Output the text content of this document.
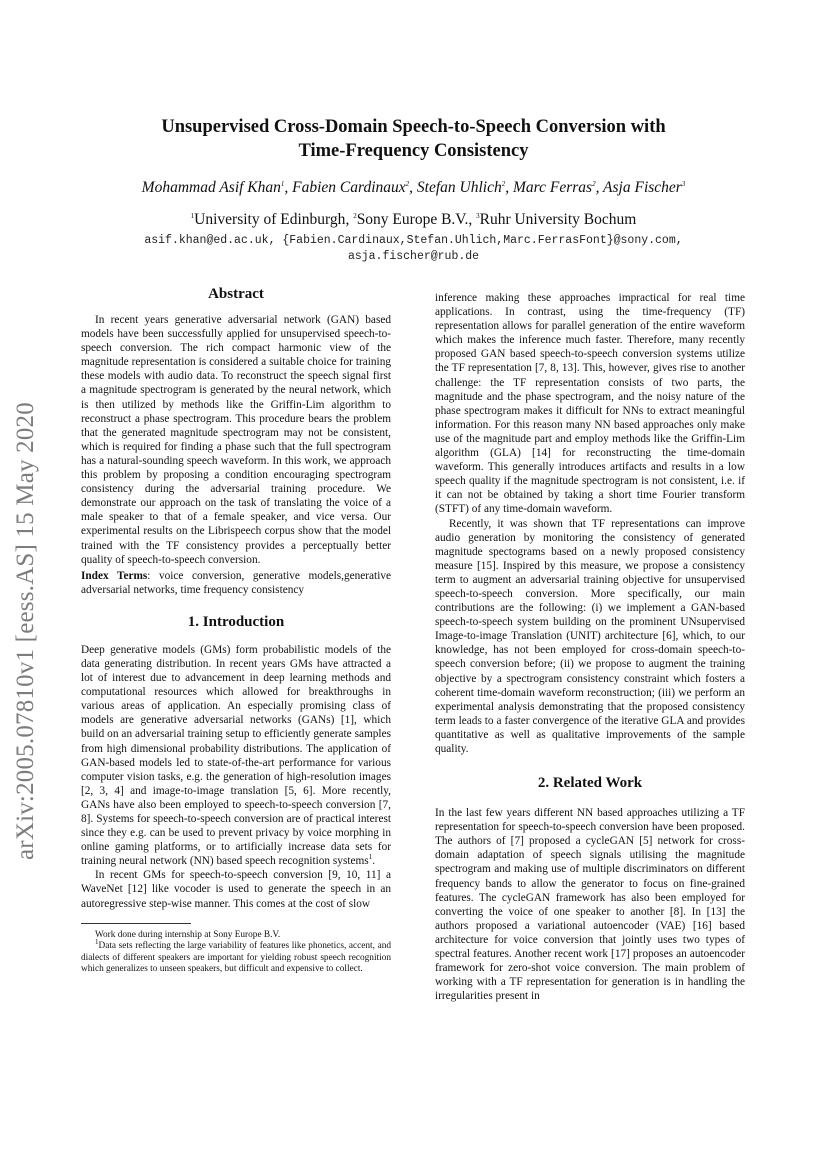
arXiv:2005.07810v1 [eess.AS] 15 May 2020
Unsupervised Cross-Domain Speech-to-Speech Conversion with
Time-Frequency Consistency
Mohammad Asif Khan$^1$, Fabien Cardinaux$^2$, Stefan Uhlich$^2$, Marc Ferras$^2$, Asja Fischer$^3$
$^1$University of Edinburgh, $^2$Sony Europe B.V., $^3$Ruhr University Bochum
asif.khan@ed.ac.uk, {Fabien.Cardinaux,Stefan.Uhlich,Marc.FerrasFont}@sony.com,
asja.fischer@rub.de
Abstract

In recent years generative adversarial network (GAN) based models have been successfully applied for unsupervised speech-to-speech conversion. The rich compact harmonic view of the magnitude representation is considered a suitable choice for training these models with audio data. To reconstruct the speech signal first a magnitude spectrogram is generated by the neural network, which is then utilized by methods like the Griffin-Lim algorithm to reconstruct a phase spectrogram. This procedure bears the problem that the generated magnitude spectrogram may not be consistent, which is required for finding a phase such that the full spectrogram has a natural-sounding speech waveform. In this work, we approach this problem by proposing a condition encouraging spectrogram consistency during the adversarial training procedure. We demonstrate our approach on the task of translating the voice of a male speaker to that of a female speaker, and vice versa. Our experimental results on the Librispeech corpus show that the model trained with the TF consistency provides a perceptually better quality of speech-to-speech conversion.

Index Terms: voice conversion, generative models,generative adversarial networks, time frequency consistency

1. Introduction

Deep generative models (GMs) form probabilistic models of the data generating distribution. In recent years GMs have attracted a lot of interest due to advancement in deep learning methods and computational resources which allowed for breakthroughs in various areas of application. An especially promising class of models are generative adversarial networks (GANs) [1], which build on an adversarial training setup to efficiently generate samples from high dimensional probability distributions. The application of GAN-based models led to state-of-the-art performance for various computer vision tasks, e.g. the generation of high-resolution images [2, 3, 4] and image-to-image translation [5, 6]. More recently, GANs have also been employed to speech-to-speech conversion [7, 8]. Systems for speech-to-speech conversion are of practical interest since they e.g. can be used to prevent privacy by voice morphing in online gaming platforms, or to artificially increase data sets for training neural network (NN) based speech recognition systems$^1$.

In recent GMs for speech-to-speech conversion [9, 10, 11] a WaveNet [12] like vocoder is used to generate the speech in an autoregressive step-wise manner. This comes at the cost of slow

Work done during internship at Sony Europe B.V.

$^1$Data sets reflecting the large variability of features like phonetics, accent, and dialects of different speakers are important for yielding robust speech recognition which generalizes to unseen speakers, but difficult and expensive to collect.

inference making these approaches impractical for real time applications. In contrast, using the time-frequency (TF) representation allows for parallel generation of the entire waveform which makes the inference much faster. Therefore, many recently proposed GAN based speech-to-speech conversion systems utilize the TF representation [7, 8, 13]. This, however, gives rise to another challenge: the TF representation consists of two parts, the magnitude and the phase spectrogram, and the noisy nature of the phase spectrogram makes it difficult for NNs to extract meaningful information. For this reason many NN based approaches only make use of the magnitude part and employ methods like the Griffin-Lim algorithm (GLA) [14] for reconstructing the time-domain waveform. This generally introduces artifacts and results in a low speech quality if the magnitude spectrogram is not consistent, i.e. if it can not be obtained by taking a short time Fourier transform (STFT) of any time-domain waveform.

Recently, it was shown that TF representations can improve audio generation by monitoring the consistency of generated magnitude spectograms based on a newly proposed consistency measure [15]. Inspired by this measure, we propose a consistency term to augment an adversarial training objective for unsupervised speech-to-speech conversion. More specifically, our main contributions are the following: (i) we implement a GAN-based speech-to-speech system building on the prominent UNsupervised Image-to-image Translation (UNIT) architecture [6], which, to our knowledge, has not been employed for cross-domain speech-to-speech conversion before; (ii) we propose to augment the training objective by a spectrogram consistency constraint which fosters a coherent time-domain waveform reconstruction; (iii) we perform an experimental analysis demonstrating that the proposed consistency term leads to a faster convergence of the iterative GLA and provides quantitative as well as qualitative improvements of the sample quality.

2. Related Work

In the last few years different NN based approaches utilizing a TF representation for speech-to-speech conversion have been proposed. The authors of [7] proposed a cycleGAN [5] network for cross-domain adaptation of speech signals utilising the magnitude spectrogram and making use of multiple discriminators on different frequency bands to allow the generator to focus on fine-grained features. The cycleGAN framework has also been employed for converting the voice of one speaker to another [8]. In [13] the authors proposed a variational autoencoder (VAE) [16] based architecture for voice conversion that jointly uses two types of spectral features. Another recent work [17] proposes an autoencoder framework for zero-shot voice conversion. The main problem of working with a TF representation for generation is in handling the irregularities present in
